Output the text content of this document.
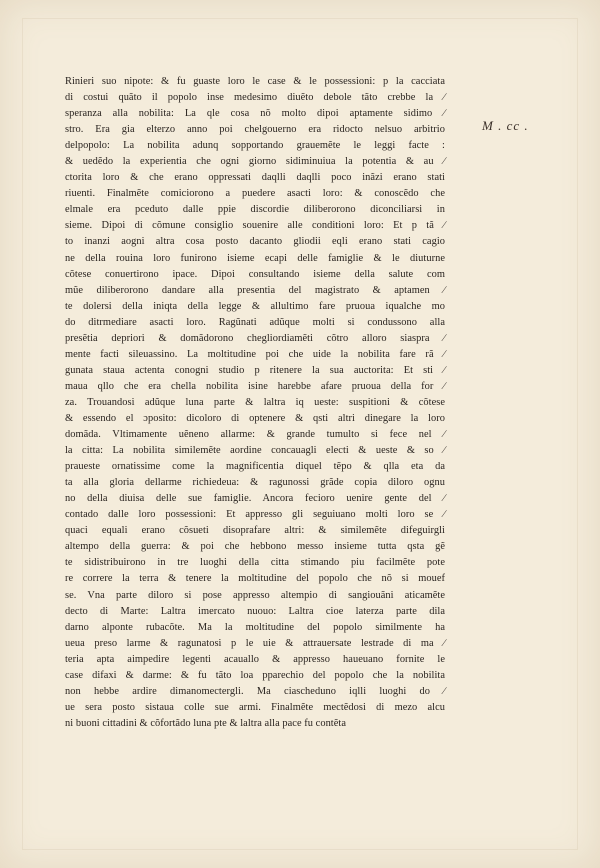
Rinieri suo nipote: & fu guaste loro le case & le possessioni: p la cacciata
di costui quãto il popolo inse medesimo diuẽto debole tãto crebbe la ∕
speranza alla nobilita: La qle cosa nõ molto dipoi aptamente sidimo ∕
stro. Era gia elterzo anno poi chelgouerno era ridocto nelsuo arbitrio
delpopolo: La nobilita adunq sopportando grauemẽte le leggi facte :
& uedẽdo la experientia che ogni giorno sidiminuiua la potentia & au ∕
ctorita loro & che erano oppressati daqlli daqlli poco inãzi erano stati
riuenti. Finalmẽte comiciorono a puedere asacti loro: & conoscẽdo che
elmale era pceduto dalle ppie discordie diliberorono diconciliarsi in
sieme. Dipoi di cõmune consiglio souenire alle conditioni loro: Et p tã ∕
to inanzi aogni altra cosa posto dacanto gliodii eqli erano stati cagio
ne della rouina loro funirono isieme ecapi delle famiglie & le diuturne
cõtese conuertirono ipace. Dipoi consultando isieme della salute com
mũe diliberorono dandare alla presentia del magistrato & aptamen ∕
te dolersi della iniqta della legge & allultimo fare pruoua iqualche mo
do ditrmediare asacti loro. Ragũnati adũque molti si condussono alla
presẽtia depriori & domãdorono chegliordiamẽti cõtro alloro siaspra ∕
mente facti sileuassino. La moltitudine poi che uide la nobilita fare rã ∕
gunata staua actenta conogni studio p ritenere la sua auctorita: Et sti ∕
maua qllo che era chella nobilita isine harebbe afare pruoua della for ∕
za. Trouandosi adũque luna parte & laltra iq ueste: suspitioni & cõtese
& essendo el ɔposito: dicoloro di optenere & qsti altri dinegare la loro
domãda. Vltimamente uẽneno allarme: & grande tumulto si fece nel ∕
la citta: La nobilita similemẽte aordine concauagli electi & ueste & so ∕
praueste ornatissime come la magnificentia diquel tẽpo & qlla eta da
ta alla gloria dellarme richiedeua: & ragunossi grãde copia diloro ognu
no della diuisa delle sue famiglie. Ancora fecioro uenire gente del ∕
contado dalle loro possessioni: Et appresso gli seguiuano molti loro se ∕
quaci equali erano cõsueti disoprafare altri: & similemẽte difeguirgli
altempo della guerra: & poi che hebbono messo insieme tutta qsta gẽ
te sidistribuirono in tre luoghi della citta stimando piu facilmẽte pote
re correre la terra & tenere la moltitudine del popolo che nõ si mouef
se. Vna parte diloro si pose appresso altempio di sangiouãni aticamẽte
decto di Marte: Laltra imercato nuouo: Laltra cioe laterza parte dila
darno alponte rubacõte. Ma la moltitudine del popolo similmente ha
ueua preso larme & ragunatosi p le uie & attrauersate lestrade di ma ∕
teria apta aimpedire legenti acauallo & appresso haueuano fornite le
case difaxi & darme: & fu tãto loa pparechio del popolo che la nobilita
non hebbe ardire dimanomectergli. Ma ciascheduno iqlli luoghi do ∕
ue sera posto sistaua colle sue armi. Finalmẽte mectẽdosi di mezo alcu
ni buoni cittadini & cõfortãdo luna pte & laltra alla pace fu contẽta
M . cc .
